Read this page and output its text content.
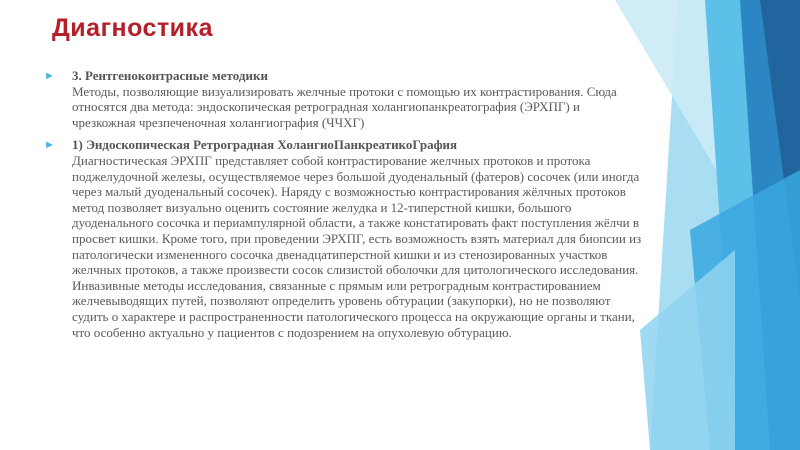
Диагностика
► 3. Рентгеноконтрасные методики
Методы, позволяющие визуализировать желчные протоки с помощью их контрастирования. Сюда относятся два метода: эндоскопическая ретроградная холангиопанкреатография (ЭРХПГ) и чрезкожная чрезпеченочная холангиография (ЧЧХГ)
► 1) Эндоскопическая Ретроградная ХолангиоПанкреатикоГрафия
Диагностическая ЭРХПГ представляет собой контрастирование желчных протоков и протока поджелудочной железы, осуществляемое через большой дуоденальный (фатеров) сосочек (или иногда через малый дуоденальный сосочек). Наряду с возможностью контрастирования жёлчных протоков метод позволяет визуально оценить состояние желудка и 12-типерстной кишки, большого дуоденального сосочка и периампулярной области, а также констатировать факт поступления жёлчи в просвет кишки. Кроме того, при проведении ЭРХПГ, есть возможность взять материал для биопсии из патологически измененного сосочка двенадцатиперстной кишки и из стенозированных участков желчных протоков, а также произвести сосок слизистой оболочки для цитологического исследования. Инвазивные методы исследования, связанные с прямым или ретроградным контрастированием желчевыводящих путей, позволяют определить уровень обтурации (закупорки), но не позволяют судить о характере и распространенности патологического процесса на окружающие органы и ткани, что особенно актуально у пациентов с подозрением на опухолевую обтурацию.
